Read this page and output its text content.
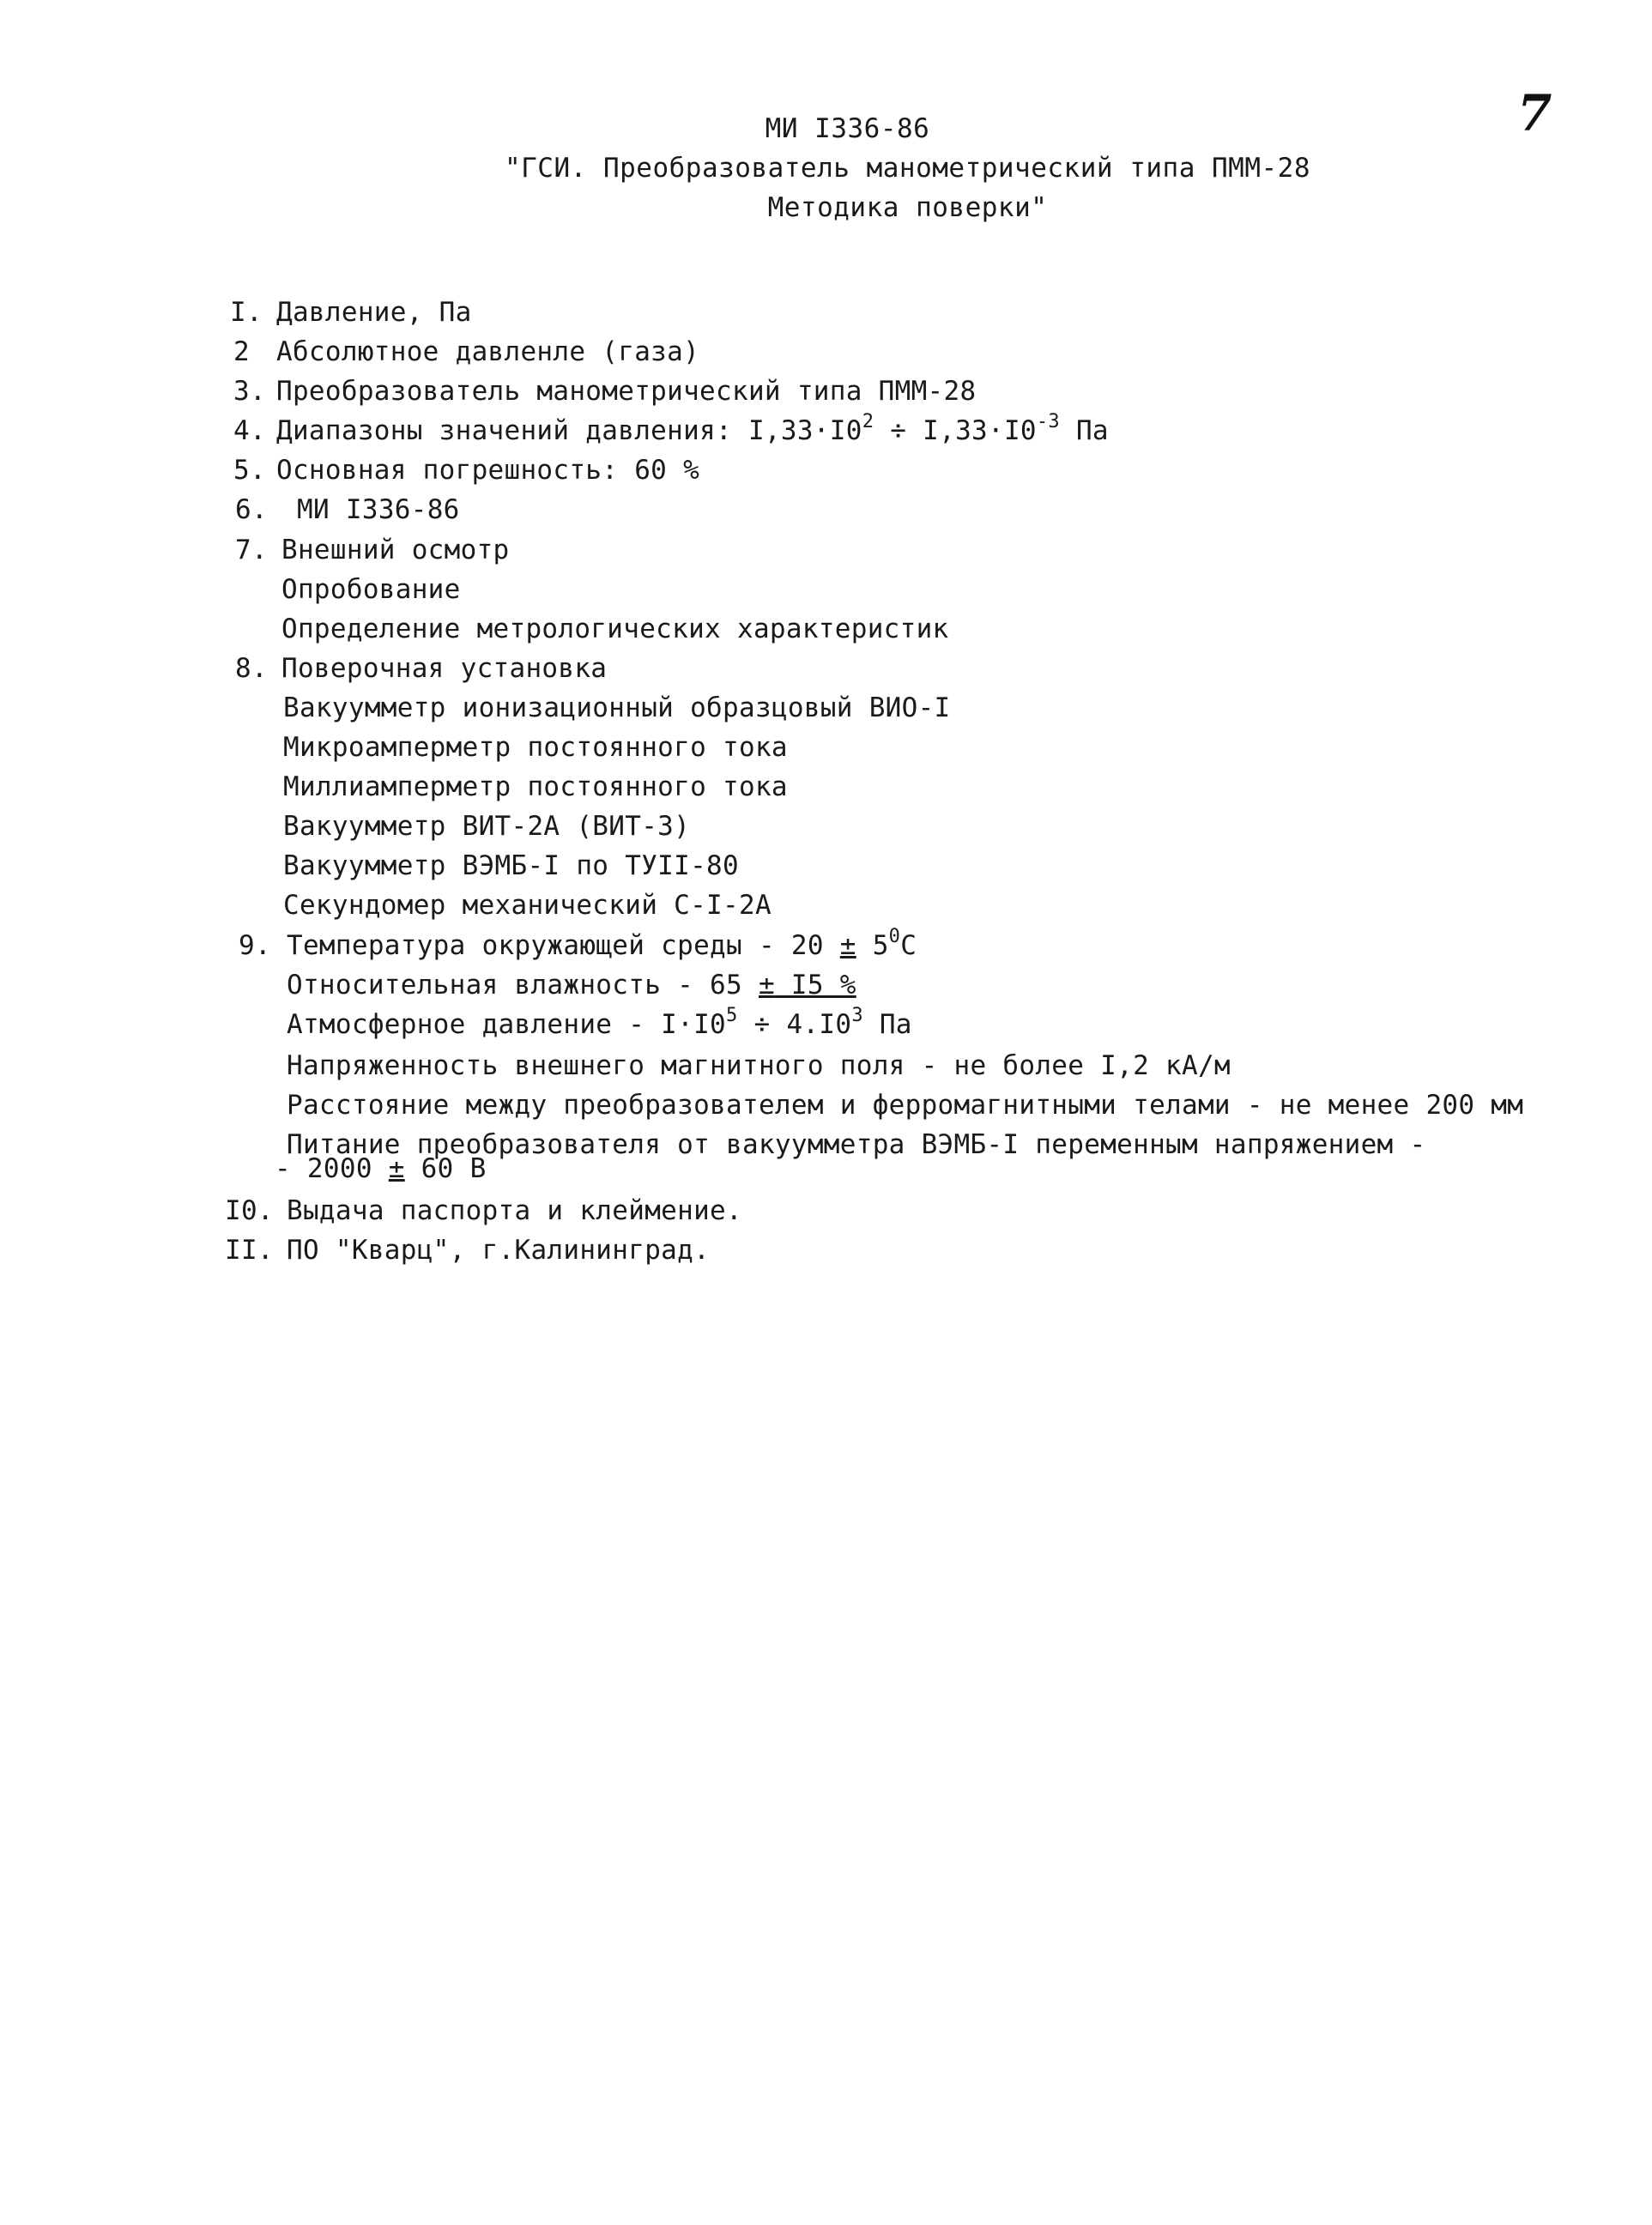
МИ I336-86
"ГСИ. Преобразователь манометрический типа ПММ-28
Методика поверки"
7
I. Давление, Па
2 Абсолютное давленле (газа)
3. Преобразователь манометрический типа ПММ-28
4. Диапазоны значений давления: $I,33\cdot I0^2 \div I,33\cdot I0^{-3}$ Па
5. Основная погрешность: 60 %
6. МИ I336-86
7. Внешний осмотр
Опробование
Определение метрологических характеристик
8. Поверочная установка
Вакуумметр ионизационный образцовый ВИО-I
Микроамперметр постоянного тока
Миллиамперметр постоянного тока
Вакуумметр ВИТ-2А (ВИТ-3)
Вакуумметр ВЭМБ-I по ТУII-80
Секундомер механический С-I-2А
9. Температура окружающей среды - $20 \pm 5^0С$
Относительная влажность - 65 ± I5 %
Атмосферное давление - $I\cdot I0^5 \div 4.I0^3$ Па
Напряженность внешнего магнитного поля - не более I,2 кА/м
Расстояние между преобразователем и ферромагнитными телами - не менее 200 мм
Питание преобразователя от вакуумметра ВЭМБ-I переменным напряжением -
- 2000 ± 60 В
I0. Выдача паспорта и клеймение.
II. ПО "Кварц", г.Калининград.
